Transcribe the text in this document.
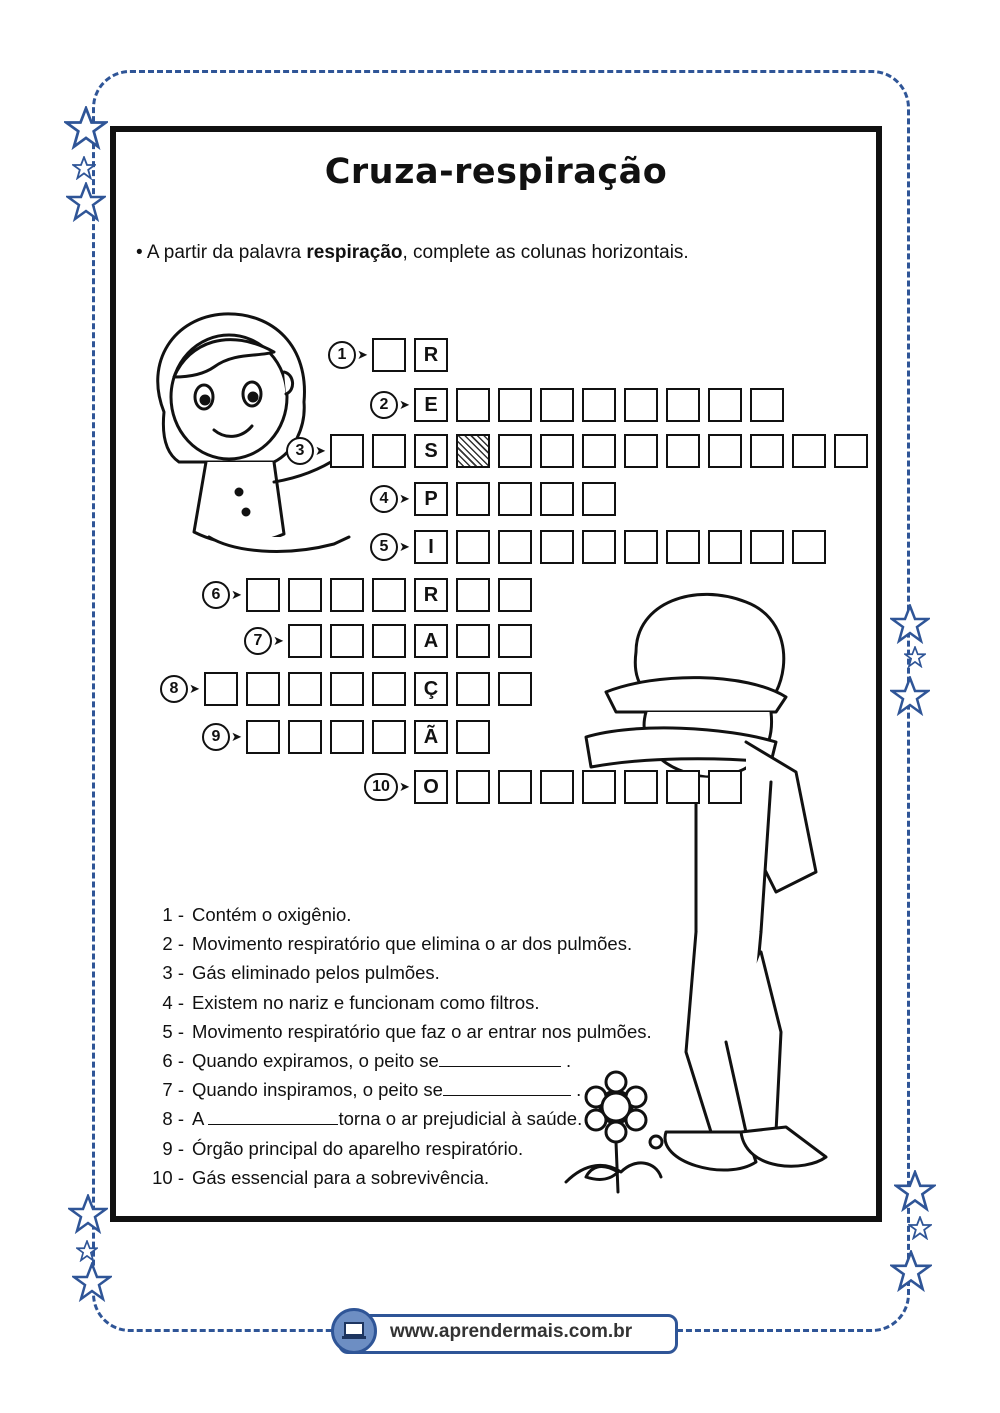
Cruza-respiração
• A partir da palavra respiração, complete as colunas horizontais.
1 ➤	R
2 ➤ E
3 ➤	S
4 ➤ P
5 ➤ I
6 ➤	R
7 ➤	A
8 ➤	Ç
9 ➤	Ã
10 ➤ O
1 - Contém o oxigênio.
2 - Movimento respiratório que elimina o ar dos pulmões.
3 - Gás eliminado pelos pulmões.
4 - Existem no nariz e funcionam como filtros.
5 - Movimento respiratório que faz o ar entrar nos pulmões.
6 - Quando expiramos, o peito se	.
7 - Quando inspiramos, o peito se	.
8 - A	torna o ar prejudicial à saúde.
9 - Órgão principal do aparelho respiratório.
10 - Gás essencial para a sobrevivência.
www.aprendermais.com.br
